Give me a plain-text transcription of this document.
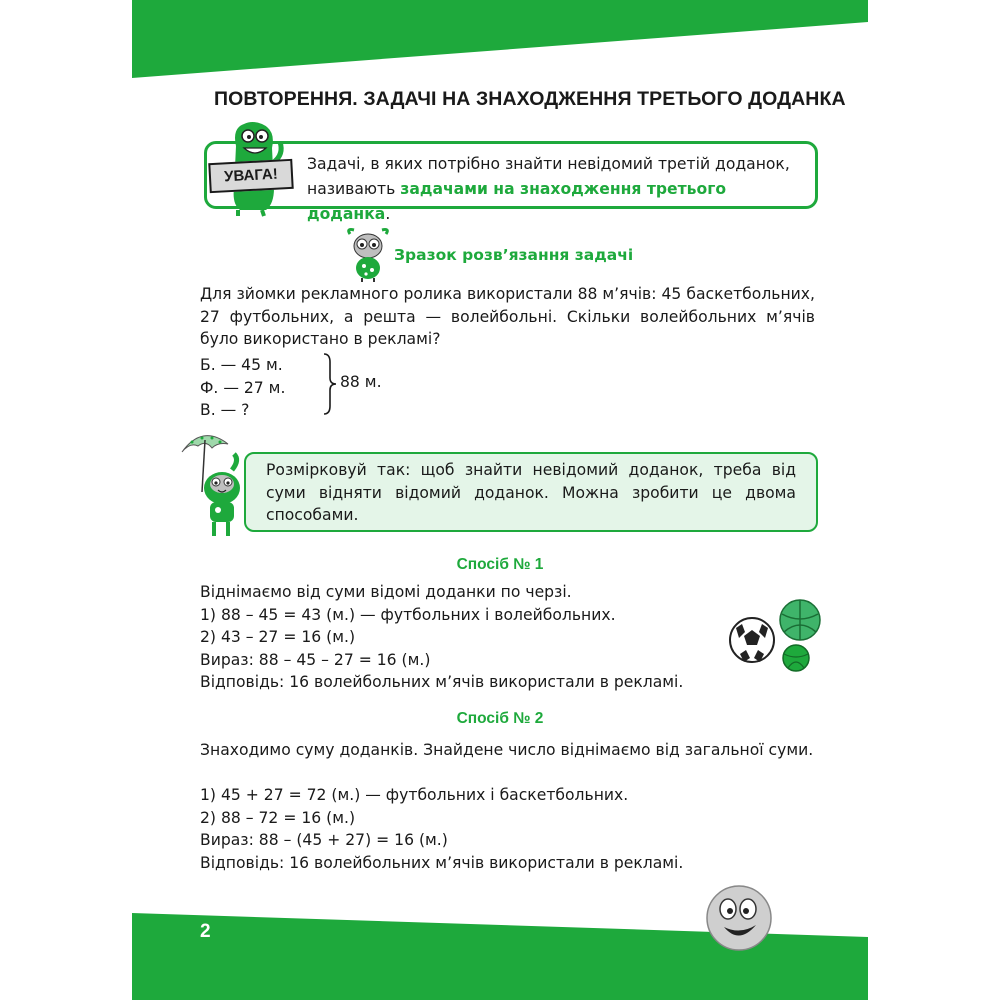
ПОВТОРЕННЯ. ЗАДАЧІ НА ЗНАХОДЖЕННЯ ТРЕТЬОГО ДОДАНКА
Задачі, в яких потрібно знайти невідомий третій доданок, називають задачами на знаходження третього доданка.
УВАГА!
Зразок розв’язання задачі
Для зйомки рекламного ролика використали 88 м’ячів: 45 баскетбольних, 27 футбольних, а решта — волейбольні. Скільки волейбольних м’ячів було використано в рекламі?
Б. — 45 м.
Ф. — 27 м.
В. — ?
88 м.
Розмірковуй так: щоб знайти невідомий доданок, треба від суми відняти відомий доданок. Можна зробити це двома способами.
Спосіб № 1
Віднімаємо від суми відомі доданки по черзі.
1) 88 – 45 = 43 (м.) — футбольних і волейбольних.
2) 43 – 27 = 16 (м.)
Вираз: 88 – 45 – 27 = 16 (м.)
Відповідь: 16 волейбольних м’ячів використали в рекламі.
Спосіб № 2
Знаходимо суму доданків. Знайдене число віднімаємо від загальної суми.
1) 45 + 27 = 72 (м.) — футбольних і баскетбольних.
2) 88 – 72 = 16 (м.)
Вираз: 88 – (45 + 27) = 16 (м.)
Відповідь: 16 волейбольних м’ячів використали в рекламі.
2
